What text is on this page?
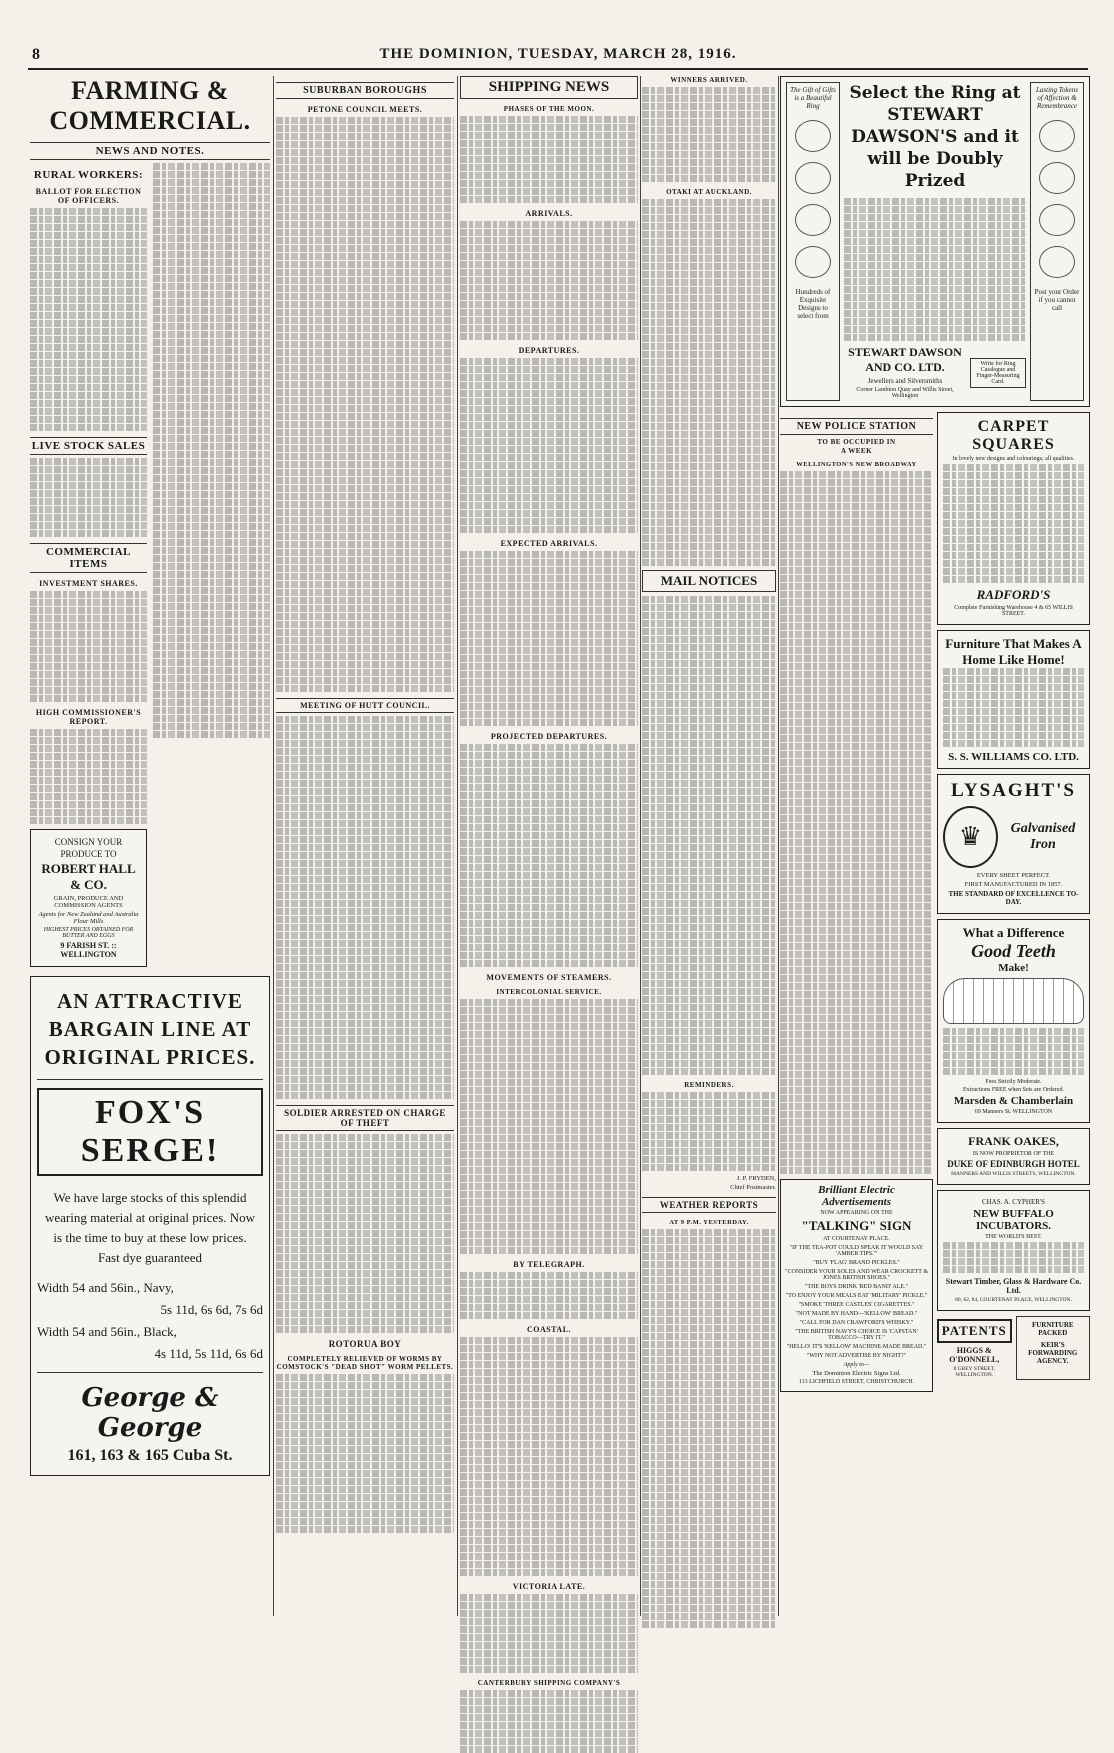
8	THE DOMINION, TUESDAY, MARCH 28, 1916.
FARMING & COMMERCIAL.
NEWS AND NOTES.
RURAL WORKERS:
BALLOT FOR ELECTION OF OFFICERS.
LIVE STOCK SALES
COMMERCIAL ITEMS
INVESTMENT SHARES.
HIGH COMMISSIONER'S REPORT.
CONSIGN YOUR
PRODUCE TO
ROBERT HALL & CO.
GRAIN, PRODUCE AND COMMISSION AGENTS
Agents for New Zealand and Australia Flour Mills
HIGHEST PRICES OBTAINED FOR BUTTER AND EGGS
9 FARISH ST. :: WELLINGTON
AN ATTRACTIVE BARGAIN LINE AT ORIGINAL PRICES.
FOX'S SERGE!
We have large stocks of this splendid wearing material at original prices. Now is the time to buy at these low prices. Fast dye guaranteed
Width 54 and 56in., Navy,
5s 11d, 6s 6d, 7s 6d
Width 54 and 56in., Black,
4s 11d, 5s 11d, 6s 6d
George & George
161, 163 & 165 Cuba St.
SUBURBAN BOROUGHS
PETONE COUNCIL MEETS.
MEETING OF HUTT COUNCIL.
SOLDIER ARRESTED ON CHARGE OF THEFT
ROTORUA BOY
COMPLETELY RELIEVED OF WORMS BY COMSTOCK'S "DEAD SHOT" WORM PELLETS.
SHIPPING NEWS
PHASES OF THE MOON.
ARRIVALS.
DEPARTURES.
EXPECTED ARRIVALS.
PROJECTED DEPARTURES.
MOVEMENTS OF STEAMERS.
INTERCOLONIAL SERVICE.
BY TELEGRAPH.
COASTAL.
VICTORIA LATE.
CANTERBURY SHIPPING COMPANY'S
WINNERS ARRIVED.
OTAKI AT AUCKLAND.
MAIL NOTICES
REMINDERS.
J. P. FRYDEN,
Chief Postmaster.
WEATHER REPORTS
AT 9 P.M. YESTERDAY.
The Gift of Gifts is a Beautiful Ring
Hundreds of Exquisite Designs to select from
Select the Ring at STEWART DAWSON'S and it will be Doubly Prized
STEWART DAWSON AND CO. LTD.
Jewellers and Silversmiths
Corner Lambton Quay and Willis Street, Wellington
Write for Ring Catalogue and Finger-Measuring Card.
Lasting Tokens of Affection & Remembrance
Post your Order if you cannot call
NEW POLICE STATION
TO BE OCCUPIED IN
A WEEK
WELLINGTON'S NEW BROADWAY
Brilliant Electric Advertisements
NOW APPEARING ON THE
"TALKING" SIGN
AT COURTENAY PLACE.
"IF THE TEA-POT COULD SPEAK IT WOULD SAY 'AMBER TIPS.'"
"BUY 'FLAG' BRAND PICKLES."
"CONSIDER YOUR SOLES AND WEAR CROCKETT & JONES BRITISH SHOES."
"THE BOYS DRINK 'RED BAND' ALE."
"TO ENJOY YOUR MEALS EAT 'MILITARY' PICKLE."
"SMOKE 'THREE CASTLES' CIGARETTES."
"NOT MADE BY HAND—'KELLOW' BREAD."
"CALL FOR DAN CRAWFORD'S WHISKY."
"THE BRITISH NAVY'S CHOICE IS 'CAPSTAN' TOBACCO—TRY IT."
"HELLO! IT'S 'KELLOW' MACHINE-MADE BREAD."
"WHY NOT ADVERTISE BY NIGHT?"
Apply to—
The Dominion Electric Signs Ltd.
113 LICHFIELD STREET, CHRISTCHURCH.
CARPET SQUARES
In lovely new designs and colourings; all qualities.
RADFORD'S
Complete Furnishing Warehouse 4 & 65 WILLIS STREET.
Furniture That Makes A Home Like Home!
S. S. WILLIAMS CO. LTD.
LYSAGHT'S
♛	Galvanised Iron
EVERY SHEET PERFECT.
FIRST MANUFACTURED IN 1857.
THE STANDARD OF EXCELLENCE TO-DAY.
What a Difference
Good Teeth
Make!
Fees Strictly Moderate.
Extractions FREE when Sets are Ordered.
Marsden & Chamberlain
69 Manners St. WELLINGTON
FRANK OAKES,
IS NOW PROPRIETOR OF THE
DUKE OF EDINBURGH HOTEL
MANNERS AND WILLIS STREETS, WELLINGTON.
CHAS. A. CYPHER'S
NEW BUFFALO INCUBATORS.
THE WORLD'S BEST.
Stewart Timber, Glass & Hardware Co. Ltd.
80, 82, 84, COURTENAY PLACE, WELLINGTON.
PATENTS
HIGGS & O'DONNELL,
8 GREY STREET, WELLINGTON.
FURNITURE PACKED
KEIR'S FORWARDING AGENCY.
